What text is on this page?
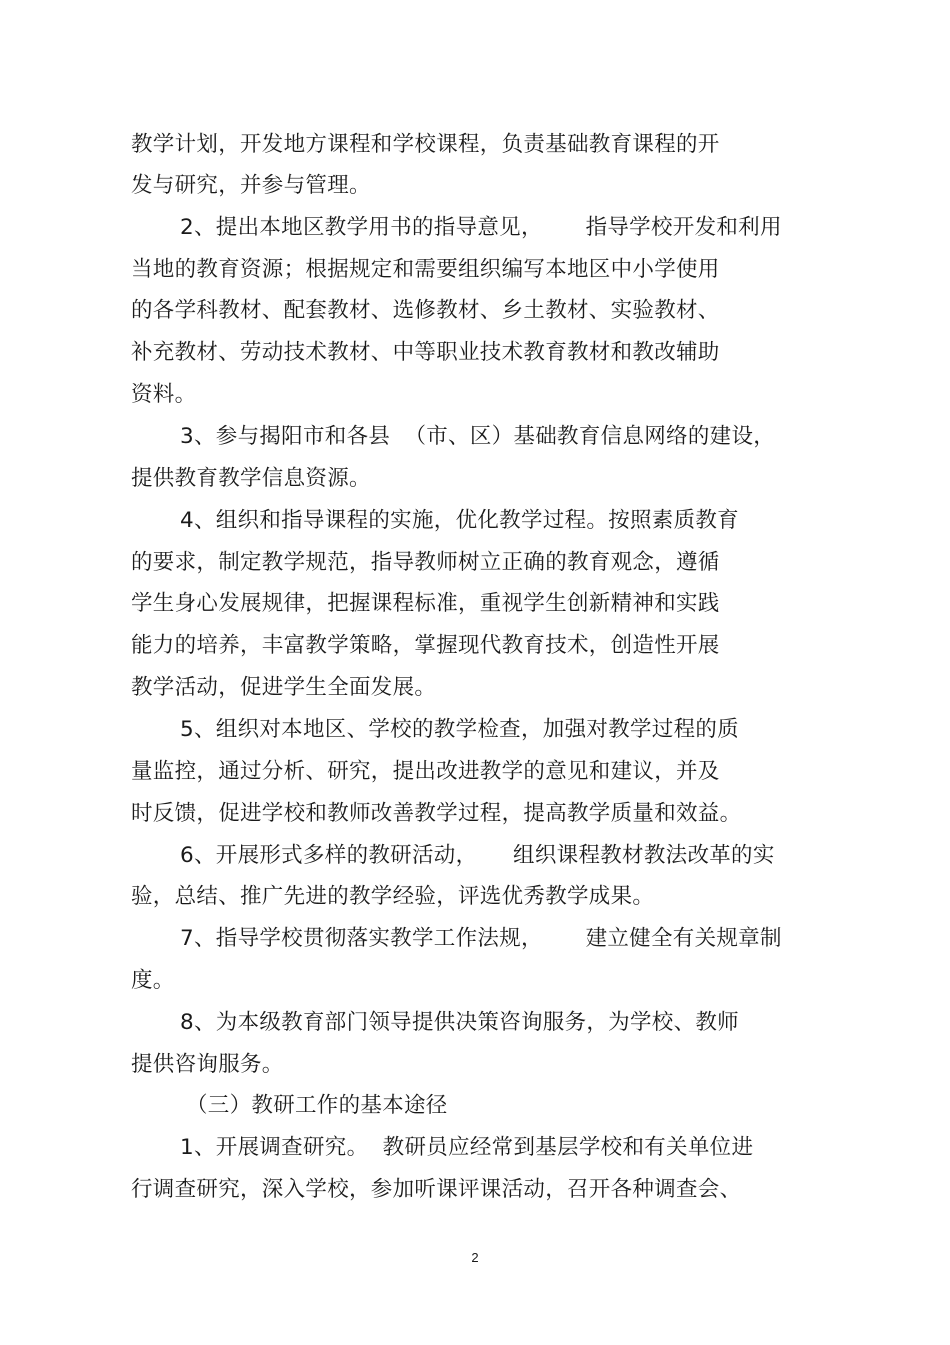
教学计划，开发地方课程和学校课程，负责基础教育课程的开
发与研究，并参与管理。
2、提出本地区教学用书的指导意见，      指导学校开发和利用
当地的教育资源；根据规定和需要组织编写本地区中小学使用
的各学科教材、配套教材、选修教材、乡土教材、实验教材、
补充教材、劳动技术教材、中等职业技术教育教材和教改辅助
资料。
3、参与揭阳市和各县  （市、区）基础教育信息网络的建设，
提供教育教学信息资源。
4、组织和指导课程的实施，优化教学过程。按照素质教育
的要求，制定教学规范，指导教师树立正确的教育观念，遵循
学生身心发展规律，把握课程标准，重视学生创新精神和实践
能力的培养，丰富教学策略，掌握现代教育技术，创造性开展
教学活动，促进学生全面发展。
5、组织对本地区、学校的教学检查，加强对教学过程的质
量监控，通过分析、研究，提出改进教学的意见和建议，并及
时反馈，促进学校和教师改善教学过程，提高教学质量和效益。
6、开展形式多样的教研活动，     组织课程教材教法改革的实
验，总结、推广先进的教学经验，评选优秀教学成果。
7、指导学校贯彻落实教学工作法规，      建立健全有关规章制
度。
8、为本级教育部门领导提供决策咨询服务，为学校、教师
提供咨询服务。
（三）教研工作的基本途径
1、开展调查研究。  教研员应经常到基层学校和有关单位进
行调查研究，深入学校，参加听课评课活动，召开各种调查会、
2
